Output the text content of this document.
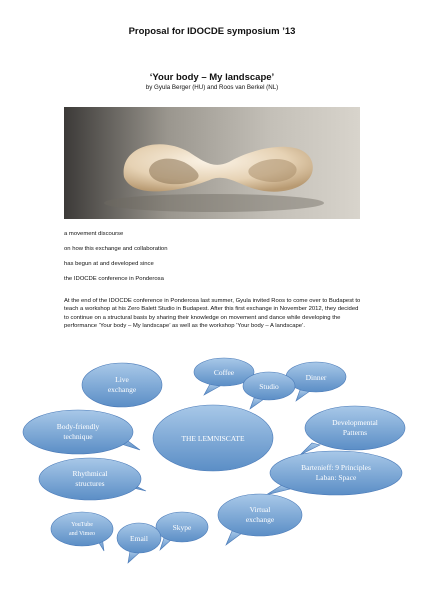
Proposal for IDOCDE symposium ’13
‘Your body – My landscape’
by Gyula Berger (HU) and Roos van Berkel (NL)
a movement discourse
on how this exchange and collaboration
has begun at and developed since
the IDOCDE conference in Ponderosa
At the end of the IDOCDE conference in Ponderosa last summer, Gyula invited Roos to come over to Budapest to teach a workshop at his Zero Balett Studio in Budapest. After this first exchange in November 2012, they decided to continue on a structural basis by sharing their knowledge on movement and dance while developing the performance ‘Your body – My landscape’ as well as the workshop ‘Your body – A landscape’.
Live
exchange
Coffee
Dinner
Studio
Body-friendly
technique
Developmental
Patterns
THE LEMNISCATE
Rhythmical
structures
Bartenieff: 9 Principles
Laban: Space
Virtual
exchange
YouTube
and Vimeo
Skype
Email
